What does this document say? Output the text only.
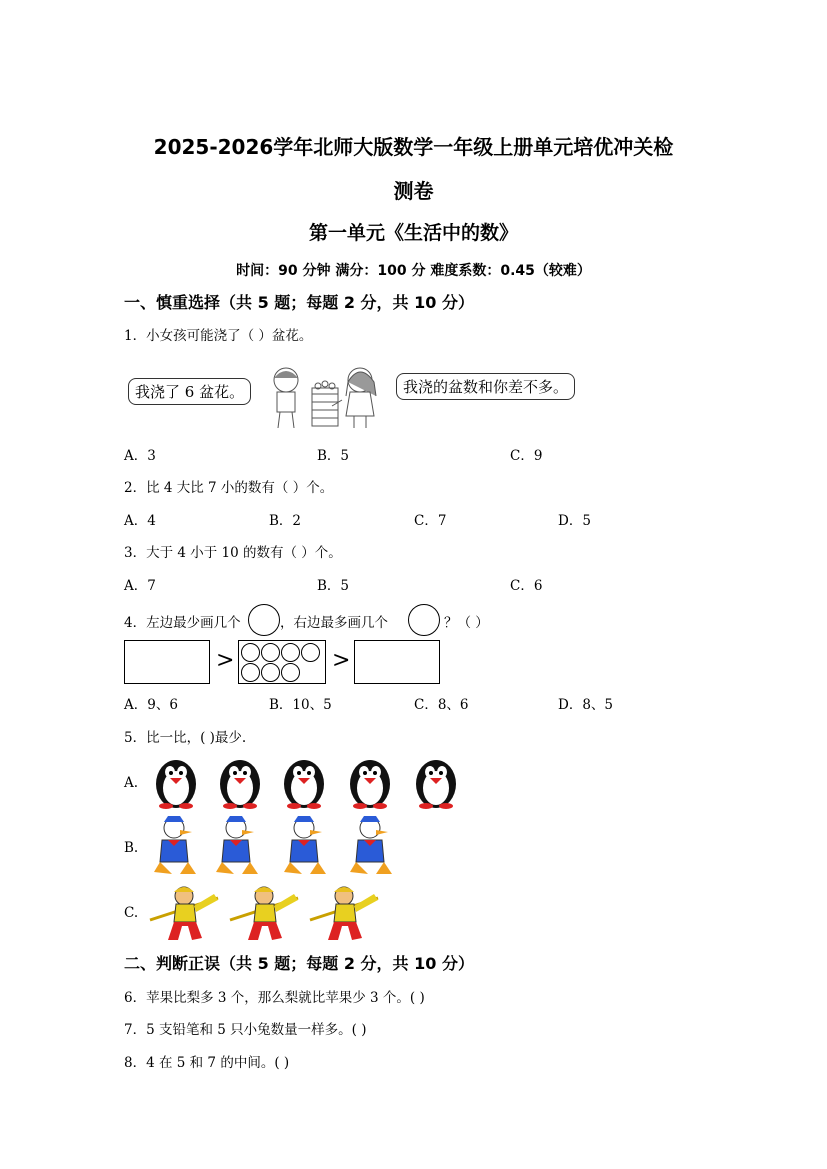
2025-2026学年北师大版数学一年级上册单元培优冲关检
测卷
第一单元《生活中的数》
时间：90 分钟 满分：100 分 难度系数：0.45（较难）
一、慎重选择（共 5 题；每题 2 分，共 10 分）
1．小女孩可能浇了（ ）盆花。
我浇了 6 盆花。	我浇的盆数和你差不多。
A．3	B．5	C．9
2．比 4 大比 7 小的数有（ ）个。
A．4	B．2	C．7	D．5
3．大于 4 小于 10 的数有（ ）个。
A．7	B．5	C．6
4．左边最少画几个	，右边最多画几个	？（ ）
>	>
A．9、6	B．10、5	C．8、6	D．8、5
5．比一比，( )最少.
A.
B.
C.
二、判断正误（共 5 题；每题 2 分，共 10 分）
6．苹果比梨多 3 个，那么梨就比苹果少 3 个。( )
7．5 支铅笔和 5 只小兔数量一样多。( )
8．4 在 5 和 7 的中间。( )
